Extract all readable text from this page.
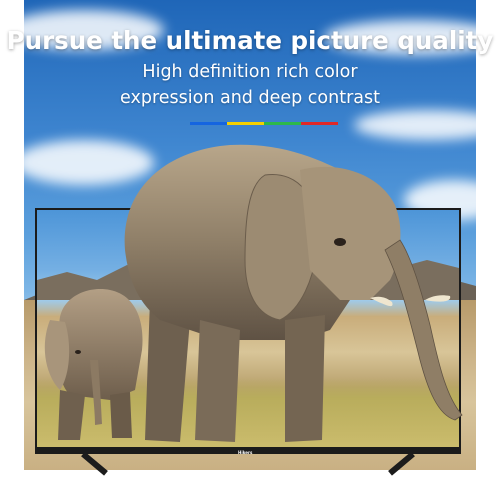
Pursue the ultimate picture quality
High definition rich color
expression and deep contrast
Hikers
